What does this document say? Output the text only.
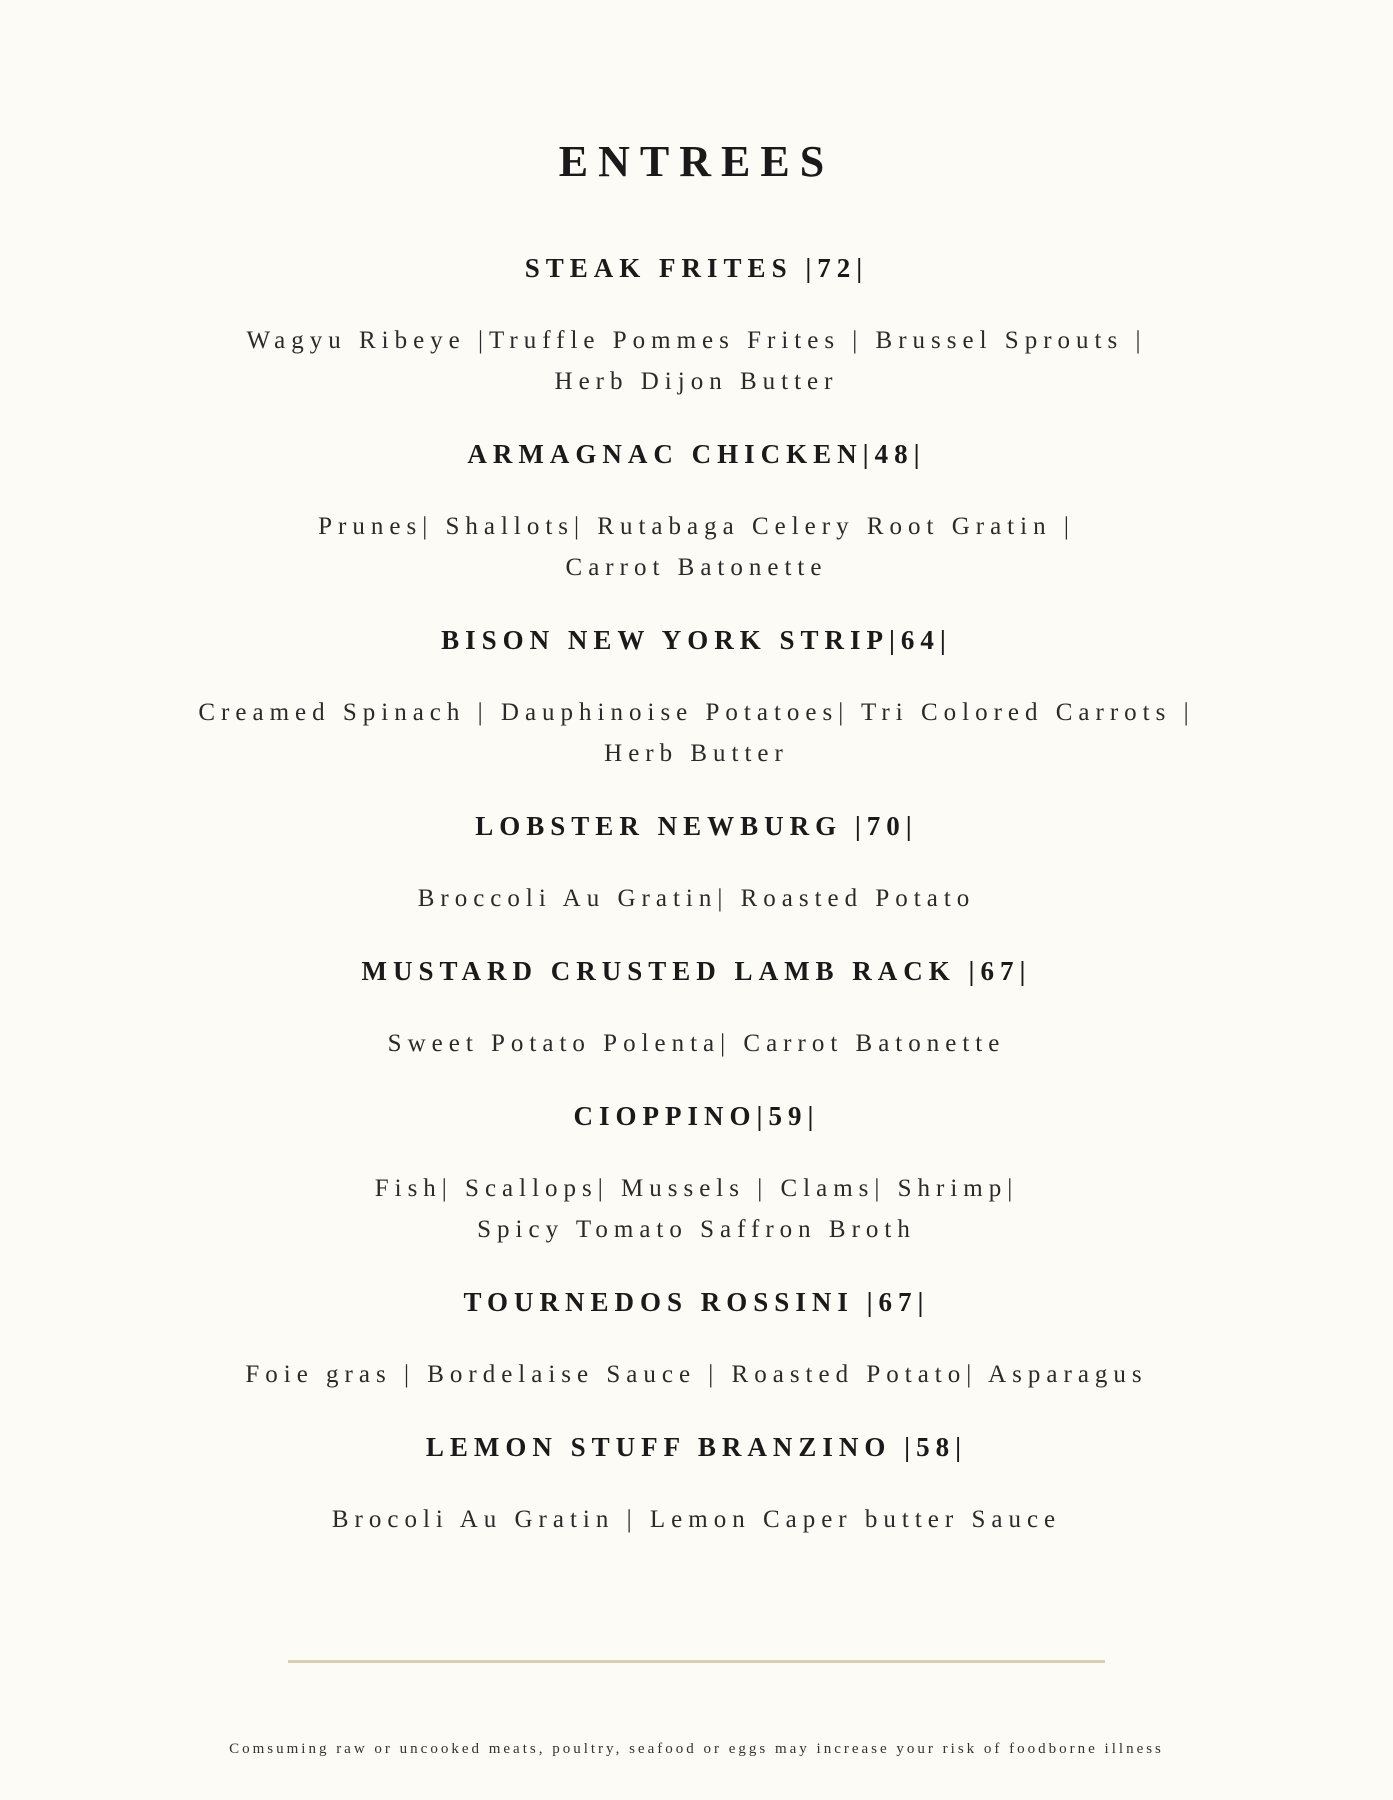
ENTREES
STEAK FRITES |72|
Wagyu Ribeye |Truffle Pommes Frites | Brussel Sprouts |
Herb Dijon Butter
ARMAGNAC CHICKEN|48|
Prunes| Shallots| Rutabaga Celery Root Gratin |
Carrot Batonette
BISON NEW YORK STRIP|64|
Creamed Spinach | Dauphinoise Potatoes| Tri Colored Carrots |
Herb Butter
LOBSTER NEWBURG |70|
Broccoli Au Gratin| Roasted Potato
MUSTARD CRUSTED LAMB RACK |67|
Sweet Potato Polenta| Carrot Batonette
CIOPPINO|59|
Fish| Scallops| Mussels | Clams| Shrimp|
Spicy Tomato Saffron Broth
TOURNEDOS ROSSINI |67|
Foie gras | Bordelaise Sauce | Roasted Potato| Asparagus
LEMON STUFF BRANZINO |58|
Brocoli Au Gratin | Lemon Caper butter Sauce
Comsuming raw or uncooked meats, poultry, seafood or eggs may increase your risk of foodborne illness
